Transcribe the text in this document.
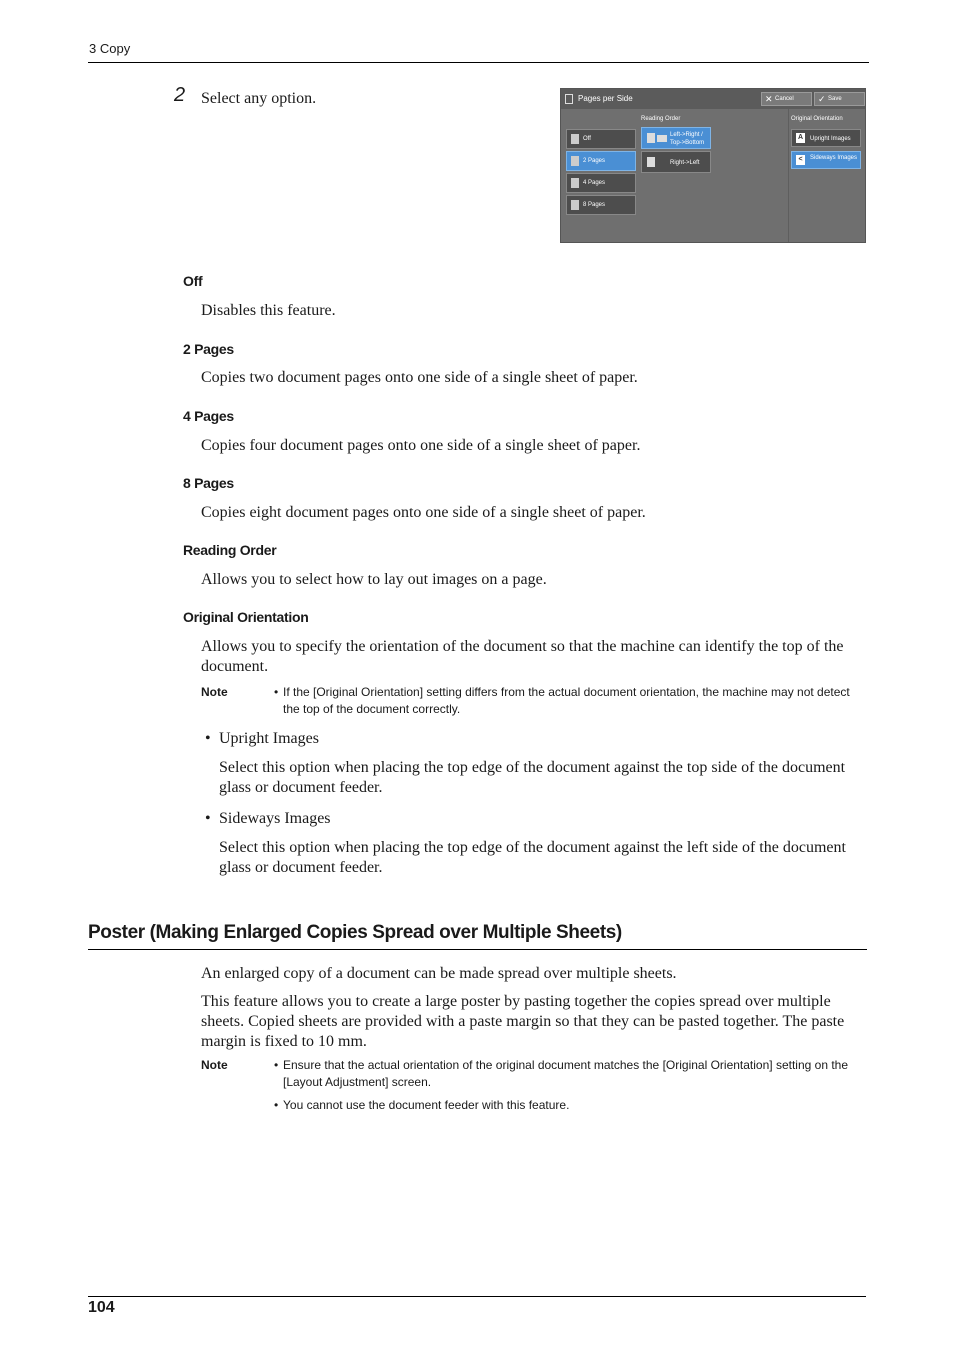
3 Copy
2 Select any option.	Pages per Side	✕ Cancel	✓ Save
Off
2 Pages
4 Pages
8 Pages
Reading Order
Left->Right / Top->Bottom
Right->Left
Original Orientation
A	Upright Images
<	Sideways Images
Off
Disables this feature.
2 Pages
Copies two document pages onto one side of a single sheet of paper.
4 Pages
Copies four document pages onto one side of a single sheet of paper.
8 Pages
Copies eight document pages onto one side of a single sheet of paper.
Reading Order
Allows you to select how to lay out images on a page.
Original Orientation
Allows you to specify the orientation of the document so that the machine can identify the top of the document.
Note	• If the [Original Orientation] setting differs from the actual document orientation, the machine may not detect the top of the document correctly.
• Upright Images
Select this option when placing the top edge of the document against the top side of the document glass or document feeder.
• Sideways Images
Select this option when placing the top edge of the document against the left side of the document glass or document feeder.
Poster (Making Enlarged Copies Spread over Multiple Sheets)
An enlarged copy of a document can be made spread over multiple sheets.
This feature allows you to create a large poster by pasting together the copies spread over multiple sheets. Copied sheets are provided with a paste margin so that they can be pasted together. The paste margin is fixed to 10 mm.
Note	• Ensure that the actual orientation of the original document matches the [Original Orientation] setting on the [Layout Adjustment] screen.
• You cannot use the document feeder with this feature.
104
